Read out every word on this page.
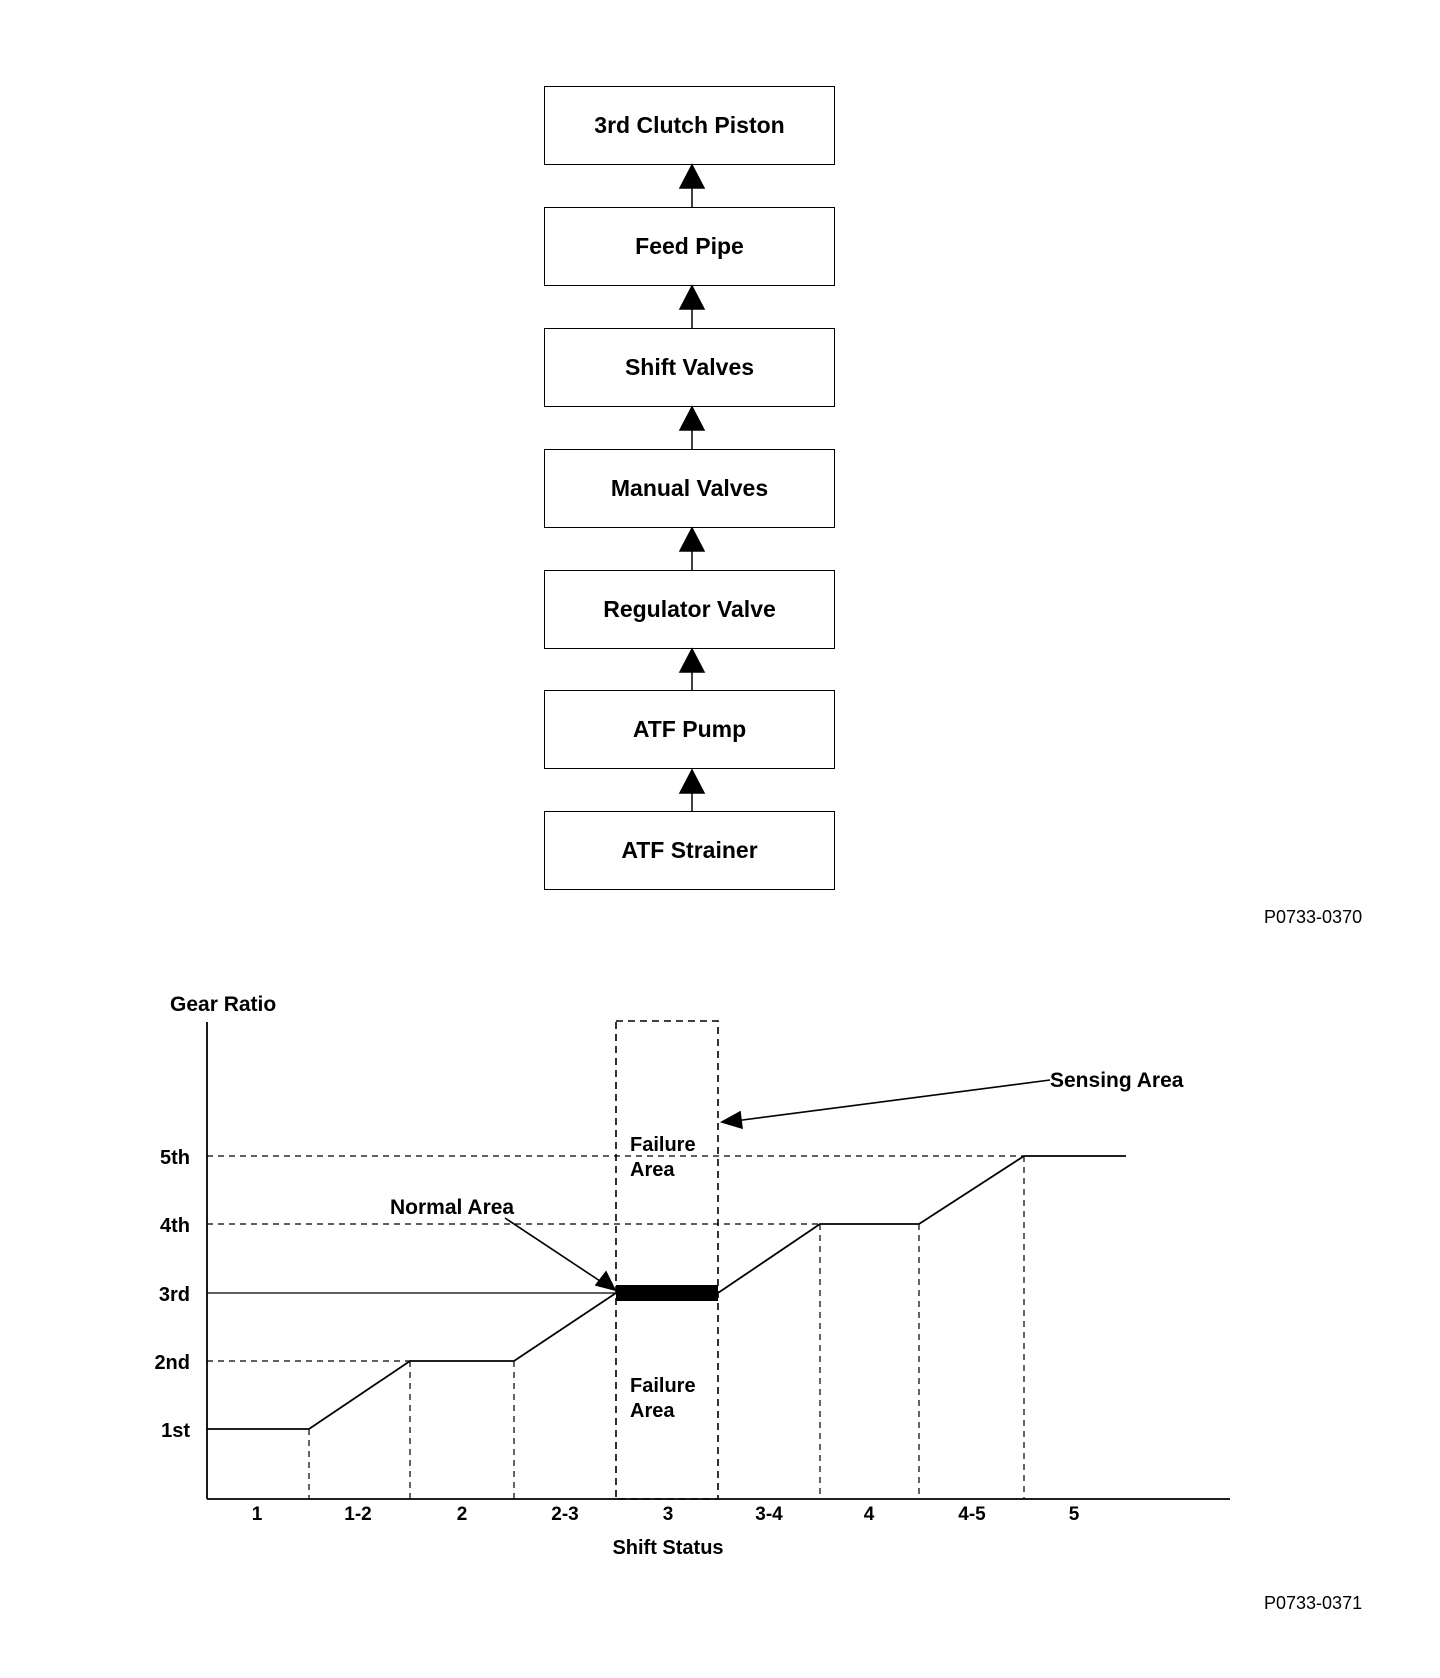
3rd Clutch Piston
Feed Pipe
Shift Valves
Manual Valves
Regulator Valve
ATF Pump
ATF Strainer
P0733-0370
P0733-0371
Gear Ratio
Shift Status
5th
4th
3rd
2nd
1st
1	1-2	2	2-3	3	3-4	4	4-5	5
Sensing Area
Normal Area
Failure
Area
Failure
Area
